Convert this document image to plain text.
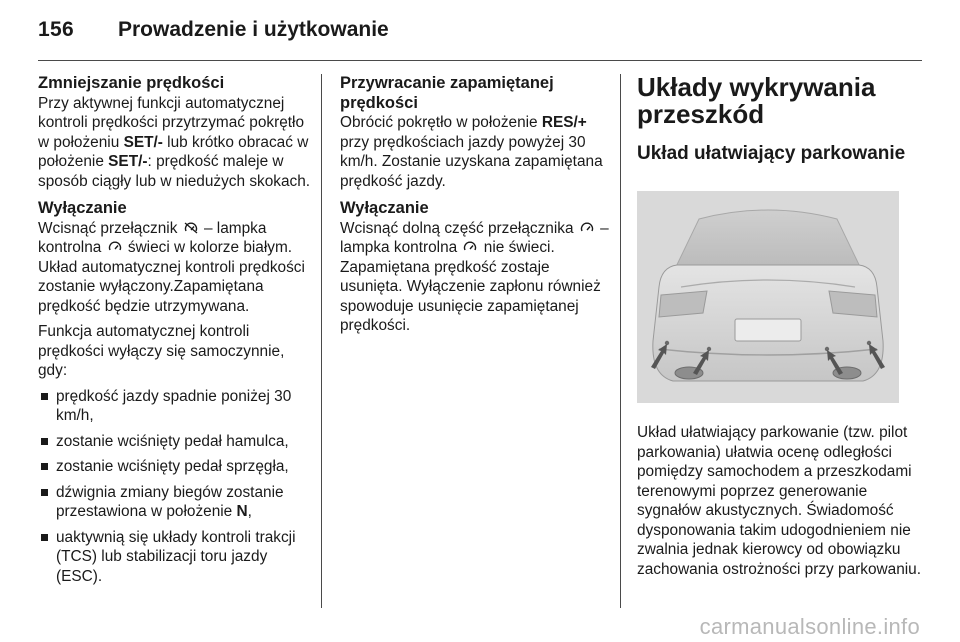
156 Prowadzenie i użytkowanie
Zmniejszanie prędkości

Przy aktywnej funkcji automatycznej kontroli prędkości przytrzymać pokrętło w położeniu SET/- lub krótko obracać w położenie SET/-: prędkość maleje w sposób ciągły lub w niedużych skokach.

Wyłączanie

Wcisnąć przełącznik  – lampka kontrolna  świeci w kolorze białym. Układ automatycznej kontroli prędkości zostanie wyłączony.Zapamiętana prędkość będzie utrzymywana.

Funkcja automatycznej kontroli prędkości wyłączy się samoczynnie, gdy:

prędkość jazdy spadnie poniżej 30 km/h,
zostanie wciśnięty pedał hamulca,
zostanie wciśnięty pedał sprzęgła,
dźwignia zmiany biegów zostanie przestawiona w położenie N,
uaktywnią się układy kontroli trakcji (TCS) lub stabilizacji toru jazdy (ESC).
Przywracanie zapamiętanej prędkości

Obrócić pokrętło w położenie RES/+ przy prędkościach jazdy powyżej 30 km/h. Zostanie uzyskana zapamiętana prędkość jazdy.

Wyłączanie

Wcisnąć dolną część przełącznika  – lampka kontrolna  nie świeci. Zapamiętana prędkość zostaje usunięta. Wyłączenie zapłonu również spowoduje usunięcie zapamiętanej prędkości.

Układy wykrywania przeszkód
Układ ułatwiający parkowanie

Układ ułatwiający parkowanie (tzw. pilot parkowania) ułatwia ocenę odległości pomiędzy samochodem a przeszkodami terenowymi poprzez generowanie sygnałów akustycznych. Świadomość dysponowania takim udogodnieniem nie zwalnia jednak kierowcy od obowiązku zachowania ostrożności przy parkowaniu.

carmanualsonline.info
